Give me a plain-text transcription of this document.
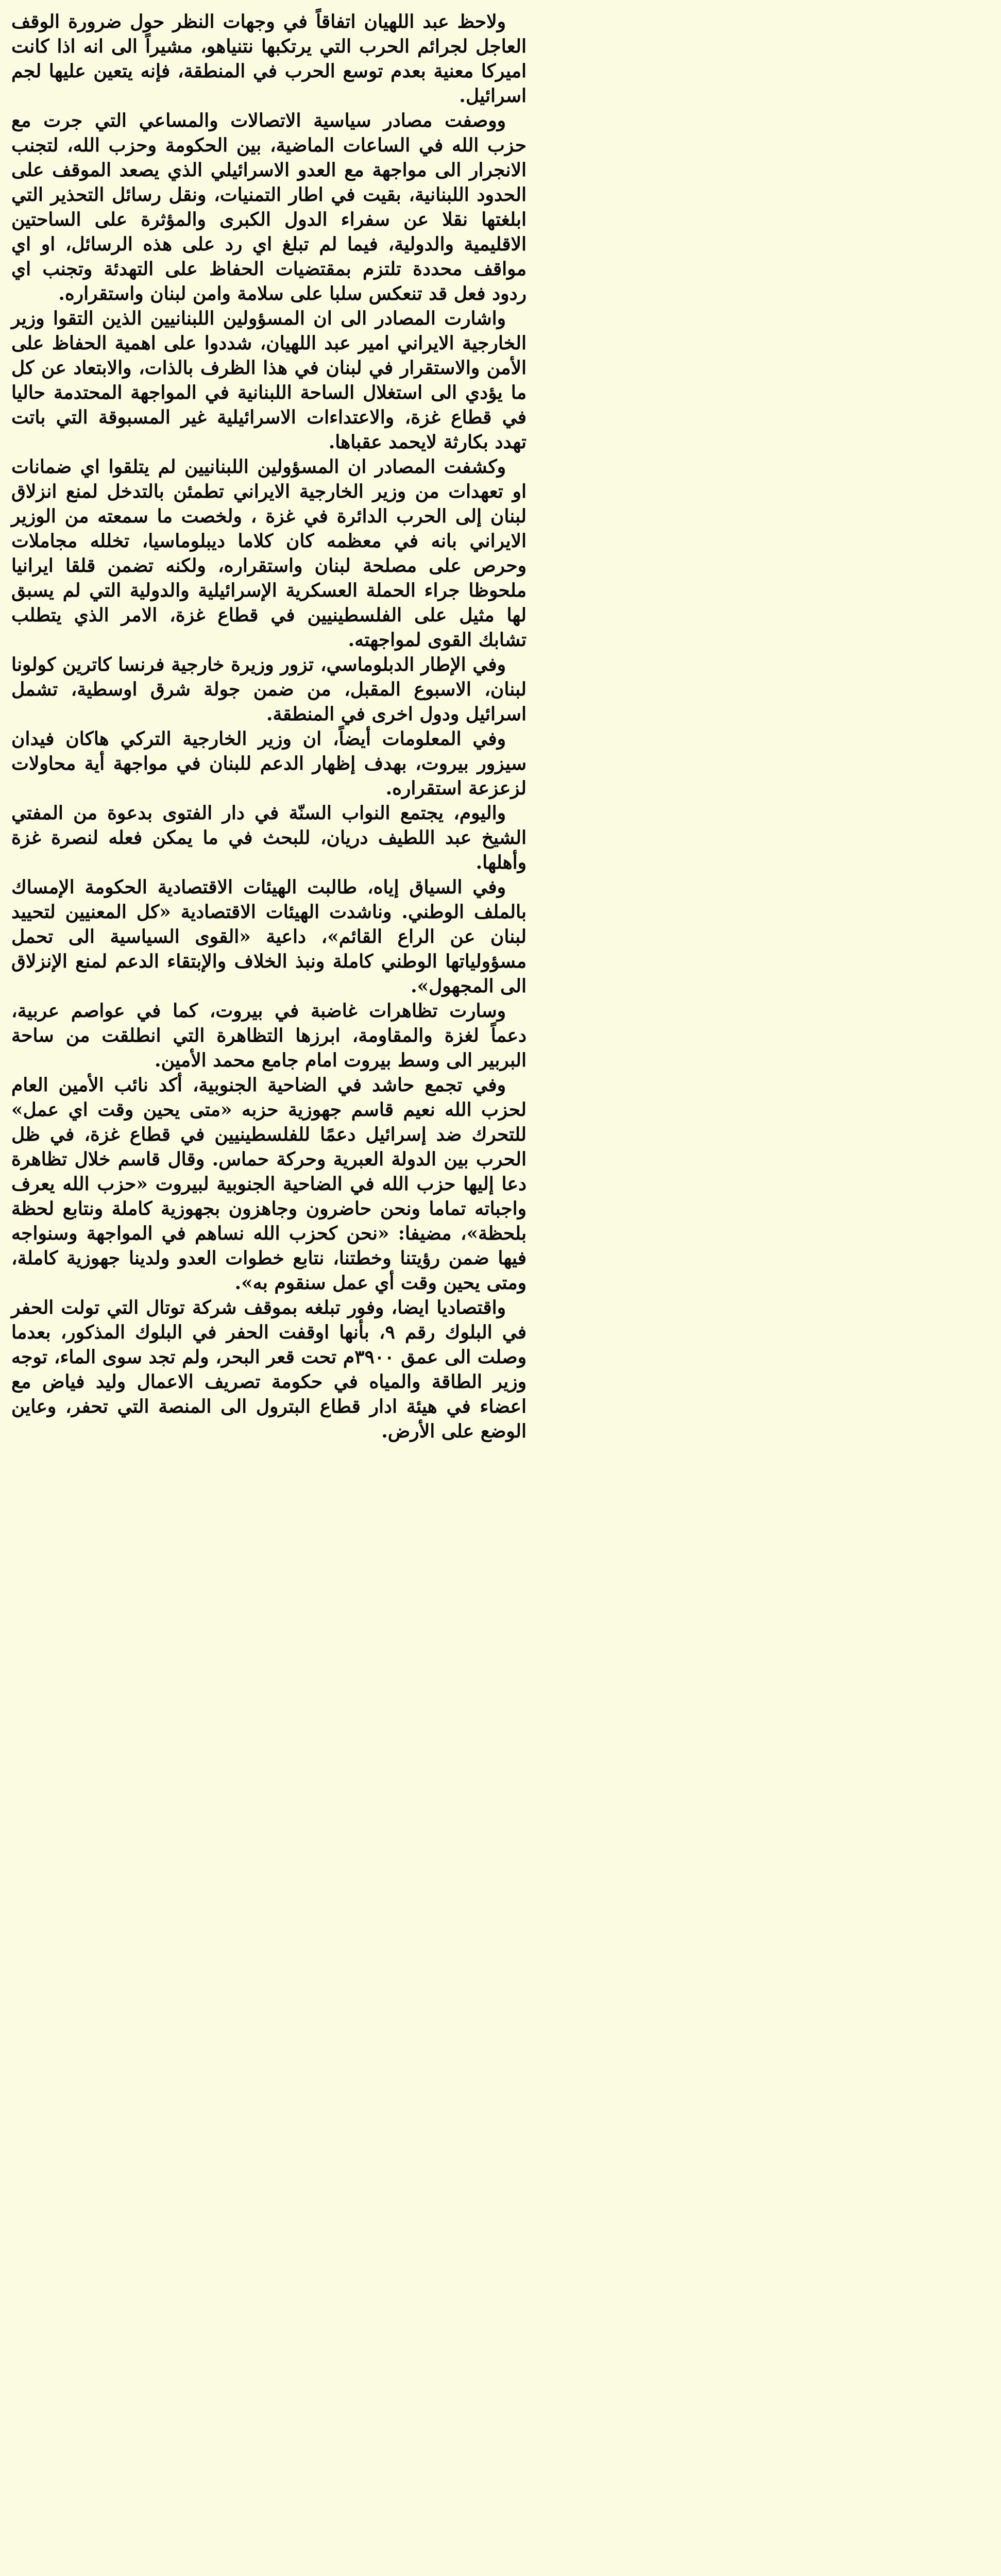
ولاحظ عبد اللهيان اتفاقاً في وجهات النظر حول ضرورة الوقف العاجل لجرائم الحرب التي يرتكبها نتنياهو، مشيراً الى انه اذا كانت اميركا معنية بعدم توسع الحرب في المنطقة، فإنه يتعين عليها لجم اسرائيل.

ووصفت مصادر سياسية الاتصالات والمساعي التي جرت مع حزب الله في الساعات الماضية، بين الحكومة وحزب الله، لتجنب الانجرار الى مواجهة مع العدو الاسرائيلي الذي يصعد الموقف على الحدود اللبنانية، بقيت في اطار التمنيات، ونقل رسائل التحذير التي ابلغتها نقلا عن سفراء الدول الكبرى والمؤثرة على الساحتين الاقليمية والدولية، فيما لم تبلغ اي رد على هذه الرسائل، او اي مواقف محددة تلتزم بمقتضيات الحفاظ على التهدئة وتجنب اي ردود فعل قد تنعكس سلبا على سلامة وامن لبنان واستقراره.

واشارت المصادر الى ان المسؤولين اللبنانيين الذين التقوا وزير الخارجية الايراني امير عبد اللهيان، شددوا على اهمية الحفاظ على الأمن والاستقرار في لبنان في هذا الظرف بالذات، والابتعاد عن كل ما يؤدي الى استغلال الساحة اللبنانية في المواجهة المحتدمة حاليا في قطاع غزة، والاعتداءات الاسرائيلية غير المسبوقة التي باتت تهدد بكارثة لايحمد عقباها.

وكشفت المصادر ان المسؤولين اللبنانيين لم يتلقوا اي ضمانات او تعهدات من وزير الخارجية الايراني تطمئن بالتدخل لمنع انزلاق لبنان إلى الحرب الدائرة في غزة ، ولخصت ما سمعته من الوزير الايراني بانه في معظمه كان كلاما ديبلوماسيا، تخلله مجاملات وحرص على مصلحة لبنان واستقراره، ولكنه تضمن قلقا ايرانيا ملحوظا جراء الحملة العسكرية الإسرائيلية والدولية التي لم يسبق لها مثيل على الفلسطينيين في قطاع غزة، الامر الذي يتطلب تشابك القوى لمواجهته.

وفي الإطار الدبلوماسي، تزور وزيرة خارجية فرنسا كاترين كولونا لبنان، الاسبوع المقبل، من ضمن جولة شرق اوسطية، تشمل اسرائيل ودول اخرى في المنطقة.

وفي المعلومات أيضاً، ان وزير الخارجية التركي هاكان فيدان سيزور بيروت، بهدف إظهار الدعم للبنان في مواجهة أية محاولات لزعزعة استقراره.

واليوم، يجتمع النواب السنّة في دار الفتوى بدعوة من المفتي الشيخ عبد اللطيف دريان، للبحث في ما يمكن فعله لنصرة غزة وأهلها.

وفي السياق إياه، طالبت الهيئات الاقتصادية الحكومة الإمساك بالملف الوطني. وناشدت الهيئات الاقتصادية «كل المعنيين لتحييد لبنان عن الراع القائم»، داعية «القوى السياسية الى تحمل مسؤولياتها الوطني كاملة ونبذ الخلاف والإبتقاء الدعم لمنع الإنزلاق الى المجهول».

وسارت تظاهرات غاضبة في بيروت، كما في عواصم عربية، دعماً لغزة والمقاومة، ابرزها التظاهرة التي انطلقت من ساحة البربير الى وسط بيروت امام جامع محمد الأمين.

وفي تجمع حاشد في الضاحية الجنوبية، أكد نائب الأمين العام لحزب الله نعيم قاسم جهوزية حزبه «متى يحين وقت اي عمل» للتحرك ضد إسرائيل دعمًا للفلسطينيين في قطاع غزة، في ظل الحرب بين الدولة العبرية وحركة حماس. وقال قاسم خلال تظاهرة دعا إليها حزب الله في الضاحية الجنوبية لبيروت «حزب الله يعرف واجباته تماما ونحن حاضرون وجاهزون بجهوزية كاملة ونتابع لحظة بلحظة»، مضيفا: «نحن كحزب الله نساهم في المواجهة وسنواجه فيها ضمن رؤيتنا وخطتنا، نتابع خطوات العدو ولدينا جهوزية كاملة، ومتى يحين وقت أي عمل سنقوم به».

واقتصاديا ايضا، وفور تبلغه بموقف شركة توتال التي تولت الحفر في البلوك رقم ٩، بأنها اوقفت الحفر في البلوك المذكور، بعدما وصلت الى عمق ٣٩٠٠م تحت قعر البحر، ولم تجد سوى الماء، توجه وزير الطاقة والمياه في حكومة تصريف الاعمال وليد فياض مع اعضاء في هيئة ادار قطاع البترول الى المنصة التي تحفر، وعاين الوضع على الأرض.
